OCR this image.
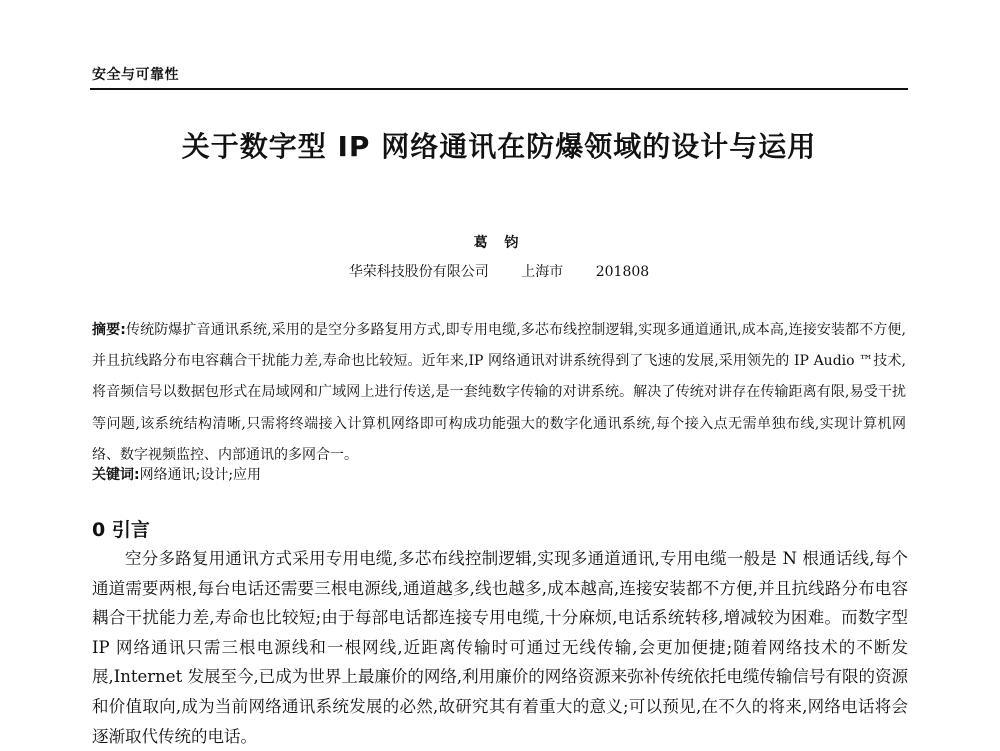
安全与可靠性
关于数字型 IP 网络通讯在防爆领域的设计与运用
葛 钧
华荣科技股份有限公司 上海市 201808
摘要:传统防爆扩音通讯系统,采用的是空分多路复用方式,即专用电缆,多芯布线控制逻辑,实现多通道通讯,成本高,连接安装都不方便,并且抗线路分布电容藕合干扰能力差,寿命也比较短。近年来,IP 网络通讯对讲系统得到了飞速的发展,采用领先的 IP Audio ™技术,将音频信号以数据包形式在局域网和广域网上进行传送,是一套纯数字传输的对讲系统。解决了传统对讲存在传输距离有限,易受干扰等问题,该系统结构清晰,只需将终端接入计算机网络即可构成功能强大的数字化通讯系统,每个接入点无需单独布线,实现计算机网络、数字视频监控、内部通讯的多网合一。
关键词:网络通讯;设计;应用
0 引言
空分多路复用通讯方式采用专用电缆,多芯布线控制逻辑,实现多通道通讯,专用电缆一般是 N 根通话线,每个通道需要两根,每台电话还需要三根电源线,通道越多,线也越多,成本越高,连接安装都不方便,并且抗线路分布电容耦合干扰能力差,寿命也比较短;由于每部电话都连接专用电缆,十分麻烦,电话系统转移,增减较为困难。而数字型 IP 网络通讯只需三根电源线和一根网线,近距离传输时可通过无线传输,会更加便捷;随着网络技术的不断发展,Internet 发展至今,已成为世界上最廉价的网络,利用廉价的网络资源来弥补传统依托电缆传输信号有限的资源和价值取向,成为当前网络通讯系统发展的必然,故研究其有着重大的意义;可以预见,在不久的将来,网络电话将会逐渐取代传统的电话。
